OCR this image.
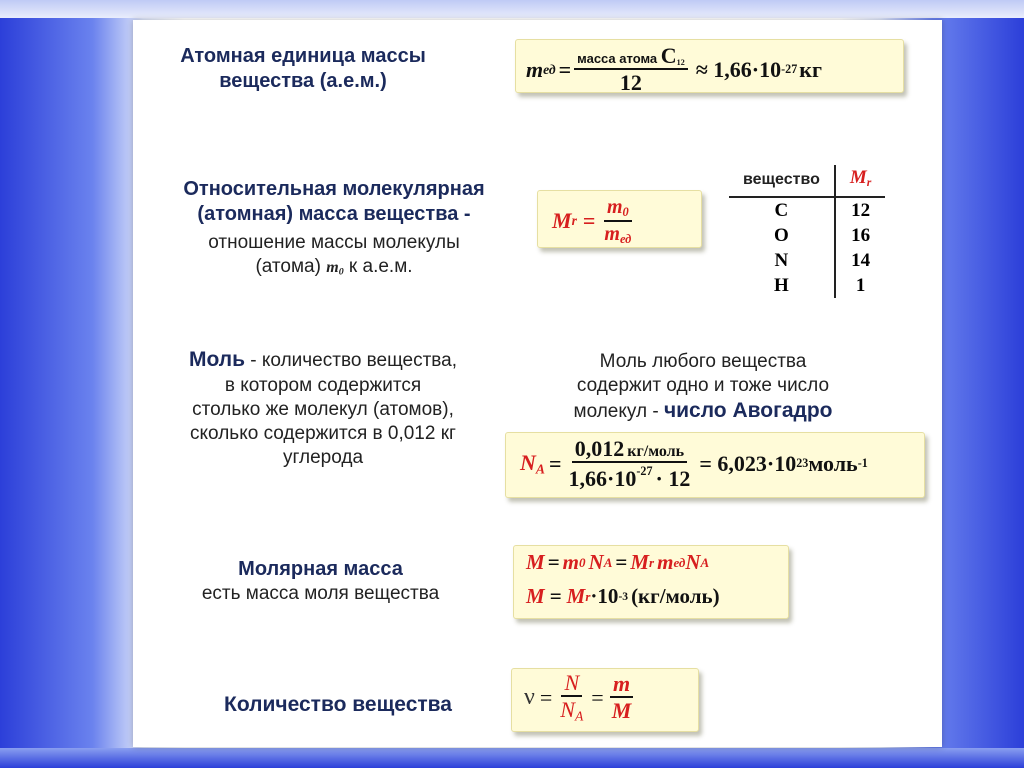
Атомная единица массы
вещества (а.е.м.)	m ед = $\frac{масса атома C_{12}}{12} \approx 1,66\cdot 10$ -27 кг
Относительная молекулярная
(атомная) масса вещества -
отношение массы молекулы
(атома) $m_0$ к а.е.м.
M $r = \frac{m_0}{m_{ед}}$
вещество	$M_r$
C	12
O	16
N	14
H	1
Моль - количество вещества,
в котором содержится
столько же молекул (атомов),
сколько содержится в 0,012 кг
углерода
Моль любого вещества
содержит одно и тоже число
молекул - число Авогадро
$N_A = \frac{\text{0,012 кг/моль}}{1,66\cdot 10^{-27} \cdot 12} = 6,023\cdot 10$ 23 моль -1
Молярная масса
есть масса моля вещества
M = m 0 N A = M r m ед N A
M = M r ·10 -3 (кг/моль)
Количество вещества	$\nu = \frac{N}{N_A} = \frac{m}{M}$
